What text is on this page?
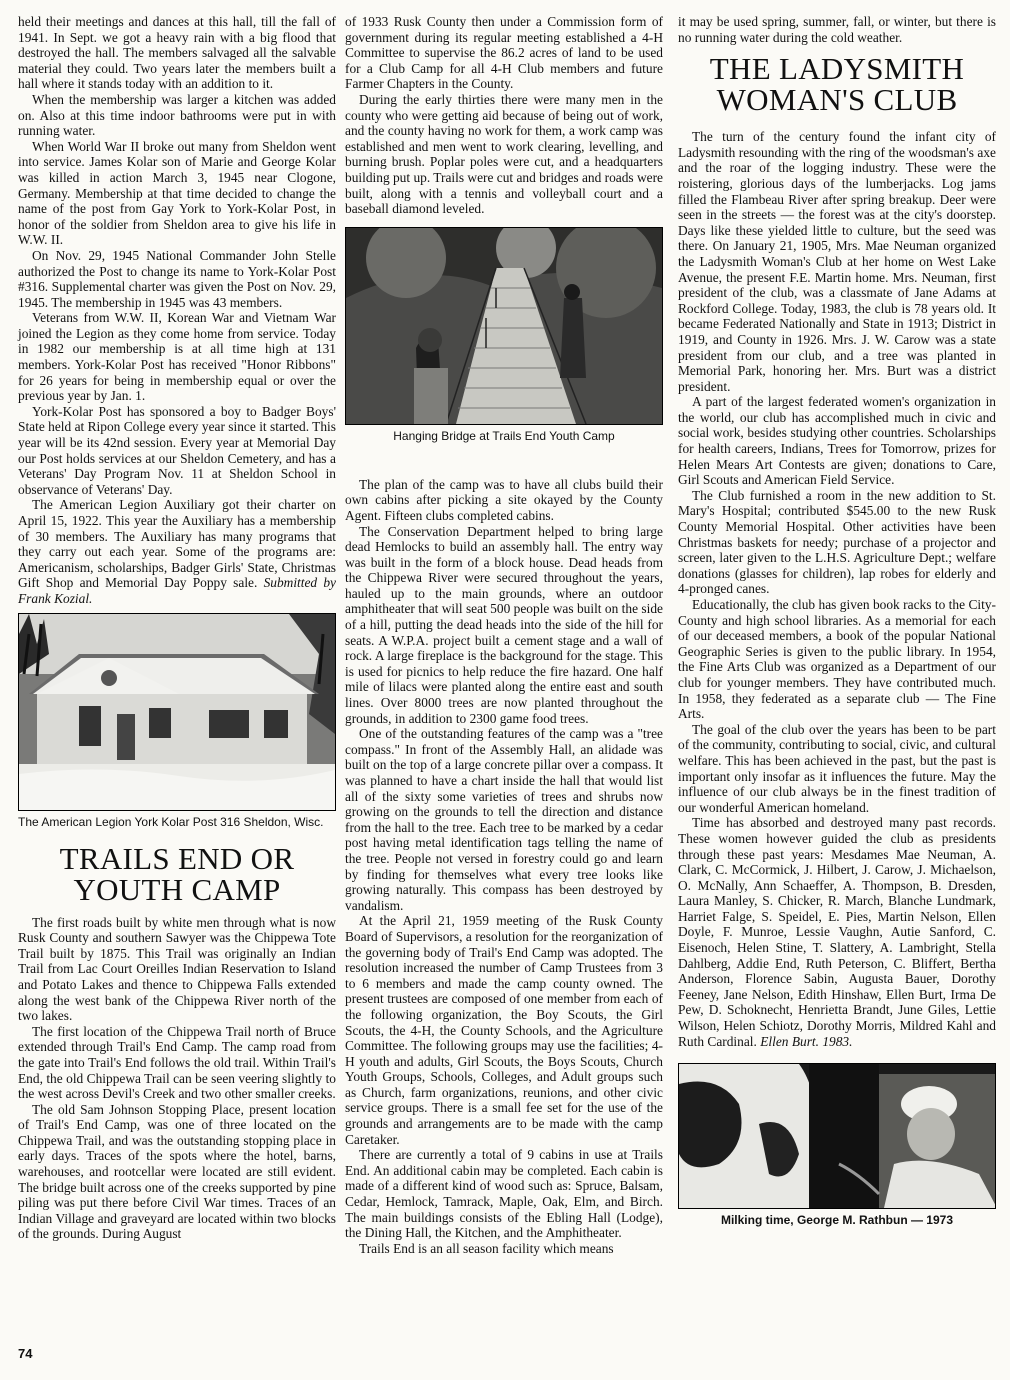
held their meetings and dances at this hall, till the fall of 1941. In Sept. we got a heavy rain with a big flood that destroyed the hall. The members salvaged all the salvable material they could. Two years later the members built a hall where it stands today with an addition to it.

When the membership was larger a kitchen was added on. Also at this time indoor bathrooms were put in with running water.

When World War II broke out many from Sheldon went into service. James Kolar son of Marie and George Kolar was killed in action March 3, 1945 near Clogone, Germany. Membership at that time decided to change the name of the post from Gay York to York-Kolar Post, in honor of the soldier from Sheldon area to give his life in W.W. II.

On Nov. 29, 1945 National Commander John Stelle authorized the Post to change its name to York-Kolar Post #316. Supplemental charter was given the Post on Nov. 29, 1945. The membership in 1945 was 43 members.

Veterans from W.W. II, Korean War and Vietnam War joined the Legion as they come home from service. Today in 1982 our membership is at all time high at 131 members. York-Kolar Post has received "Honor Ribbons" for 26 years for being in membership equal or over the previous year by Jan. 1.

York-Kolar Post has sponsored a boy to Badger Boys' State held at Ripon College every year since it started. This year will be its 42nd session. Every year at Memorial Day our Post holds services at our Sheldon Cemetery, and has a Veterans' Day Program Nov. 11 at Sheldon School in observance of Veterans' Day.

The American Legion Auxiliary got their charter on April 15, 1922. This year the Auxiliary has a membership of 30 members. The Auxiliary has many programs that they carry out each year. Some of the programs are: Americanism, scholarships, Badger Girls' State, Christmas Gift Shop and Memorial Day Poppy sale. Submitted by Frank Kozial.

The American Legion York Kolar Post 316 Sheldon, Wisc.

TRAILS END OR YOUTH CAMP

The first roads built by white men through what is now Rusk County and southern Sawyer was the Chippewa Tote Trail built by 1875. This Trail was originally an Indian Trail from Lac Court Oreilles Indian Reservation to Island and Potato Lakes and thence to Chippewa Falls extended along the west bank of the Chippewa River north of the two lakes.

The first location of the Chippewa Trail north of Bruce extended through Trail's End Camp. The camp road from the gate into Trail's End follows the old trail. Within Trail's End, the old Chippewa Trail can be seen veering slightly to the west across Devil's Creek and two other smaller creeks.

The old Sam Johnson Stopping Place, present location of Trail's End Camp, was one of three located on the Chippewa Trail, and was the outstanding stopping place in early days. Traces of the spots where the hotel, barns, warehouses, and rootcellar were located are still evident. The bridge built across one of the creeks supported by pine piling was put there before Civil War times. Traces of an Indian Village and graveyard are located within two blocks of the grounds. During August

of 1933 Rusk County then under a Commission form of government during its regular meeting established a 4-H Committee to supervise the 86.2 acres of land to be used for a Club Camp for all 4-H Club members and future Farmer Chapters in the County.

During the early thirties there were many men in the county who were getting aid because of being out of work, and the county having no work for them, a work camp was established and men went to work clearing, levelling, and burning brush. Poplar poles were cut, and a headquarters building put up. Trails were cut and bridges and roads were built, along with a tennis and volleyball court and a baseball diamond leveled.

Hanging Bridge at Trails End Youth Camp

The plan of the camp was to have all clubs build their own cabins after picking a site okayed by the County Agent. Fifteen clubs completed cabins.

The Conservation Department helped to bring large dead Hemlocks to build an assembly hall. The entry way was built in the form of a block house. Dead heads from the Chippewa River were secured throughout the years, hauled up to the main grounds, where an outdoor amphitheater that will seat 500 people was built on the side of a hill, putting the dead heads into the side of the hill for seats. A W.P.A. project built a cement stage and a wall of rock. A large fireplace is the background for the stage. This is used for picnics to help reduce the fire hazard. One half mile of lilacs were planted along the entire east and south lines. Over 8000 trees are now planted throughout the grounds, in addition to 2300 game food trees.

One of the outstanding features of the camp was a "tree compass." In front of the Assembly Hall, an alidade was built on the top of a large concrete pillar over a compass. It was planned to have a chart inside the hall that would list all of the sixty some varieties of trees and shrubs now growing on the grounds to tell the direction and distance from the hall to the tree. Each tree to be marked by a cedar post having metal identification tags telling the name of the tree. People not versed in forestry could go and learn by finding for themselves what every tree looks like growing naturally. This compass has been destroyed by vandalism.

At the April 21, 1959 meeting of the Rusk County Board of Supervisors, a resolution for the reorganization of the governing body of Trail's End Camp was adopted. The resolution increased the number of Camp Trustees from 3 to 6 members and made the camp county owned. The present trustees are composed of one member from each of the following organization, the Boy Scouts, the Girl Scouts, the 4-H, the County Schools, and the Agriculture Committee. The following groups may use the facilities; 4-H youth and adults, Girl Scouts, the Boys Scouts, Church Youth Groups, Schools, Colleges, and Adult groups such as Church, farm organizations, reunions, and other civic service groups. There is a small fee set for the use of the grounds and arrangements are to be made with the camp Caretaker.

There are currently a total of 9 cabins in use at Trails End. An additional cabin may be completed. Each cabin is made of a different kind of wood such as: Spruce, Balsam, Cedar, Hemlock, Tamrack, Maple, Oak, Elm, and Birch. The main buildings consists of the Ebling Hall (Lodge), the Dining Hall, the Kitchen, and the Amphitheater.

Trails End is an all season facility which means

it may be used spring, summer, fall, or winter, but there is no running water during the cold weather.

THE LADYSMITH WOMAN'S CLUB

The turn of the century found the infant city of Ladysmith resounding with the ring of the woodsman's axe and the roar of the logging industry. These were the roistering, glorious days of the lumberjacks. Log jams filled the Flambeau River after spring breakup. Deer were seen in the streets — the forest was at the city's doorstep. Days like these yielded little to culture, but the seed was there. On January 21, 1905, Mrs. Mae Neuman organized the Ladysmith Woman's Club at her home on West Lake Avenue, the present F.E. Martin home. Mrs. Neuman, first president of the club, was a classmate of Jane Adams at Rockford College. Today, 1983, the club is 78 years old. It became Federated Nationally and State in 1913; District in 1919, and County in 1926. Mrs. J. W. Carow was a state president from our club, and a tree was planted in Memorial Park, honoring her. Mrs. Burt was a district president.

A part of the largest federated women's organization in the world, our club has accomplished much in civic and social work, besides studying other countries. Scholarships for health careers, Indians, Trees for Tomorrow, prizes for Helen Mears Art Contests are given; donations to Care, Girl Scouts and American Field Service.

The Club furnished a room in the new addition to St. Mary's Hospital; contributed $545.00 to the new Rusk County Memorial Hospital. Other activities have been Christmas baskets for needy; purchase of a projector and screen, later given to the L.H.S. Agriculture Dept.; welfare donations (glasses for children), lap robes for elderly and 4-pronged canes.

Educationally, the club has given book racks to the City-County and high school libraries. As a memorial for each of our deceased members, a book of the popular National Geographic Series is given to the public library. In 1954, the Fine Arts Club was organized as a Department of our club for younger members. They have contributed much. In 1958, they federated as a separate club — The Fine Arts.

The goal of the club over the years has been to be part of the community, contributing to social, civic, and cultural welfare. This has been achieved in the past, but the past is important only insofar as it influences the future. May the influence of our club always be in the finest tradition of our wonderful American homeland.

Time has absorbed and destroyed many past records. These women however guided the club as presidents through these past years: Mesdames Mae Neuman, A. Clark, C. McCormick, J. Hilbert, J. Carow, J. Michaelson, O. McNally, Ann Schaeffer, A. Thompson, B. Dresden, Laura Manley, S. Chicker, R. March, Blanche Lundmark, Harriet Falge, S. Speidel, E. Pies, Martin Nelson, Ellen Doyle, F. Munroe, Lessie Vaughn, Autie Sanford, C. Eisenoch, Helen Stine, T. Slattery, A. Lambright, Stella Dahlberg, Addie End, Ruth Peterson, C. Bliffert, Bertha Anderson, Florence Sabin, Augusta Bauer, Dorothy Feeney, Jane Nelson, Edith Hinshaw, Ellen Burt, Irma De Pew, D. Schoknecht, Henrietta Brandt, June Giles, Lettie Wilson, Helen Schiotz, Dorothy Morris, Mildred Kahl and Ruth Cardinal. Ellen Burt. 1983.

Milking time, George M. Rathbun — 1973

74
